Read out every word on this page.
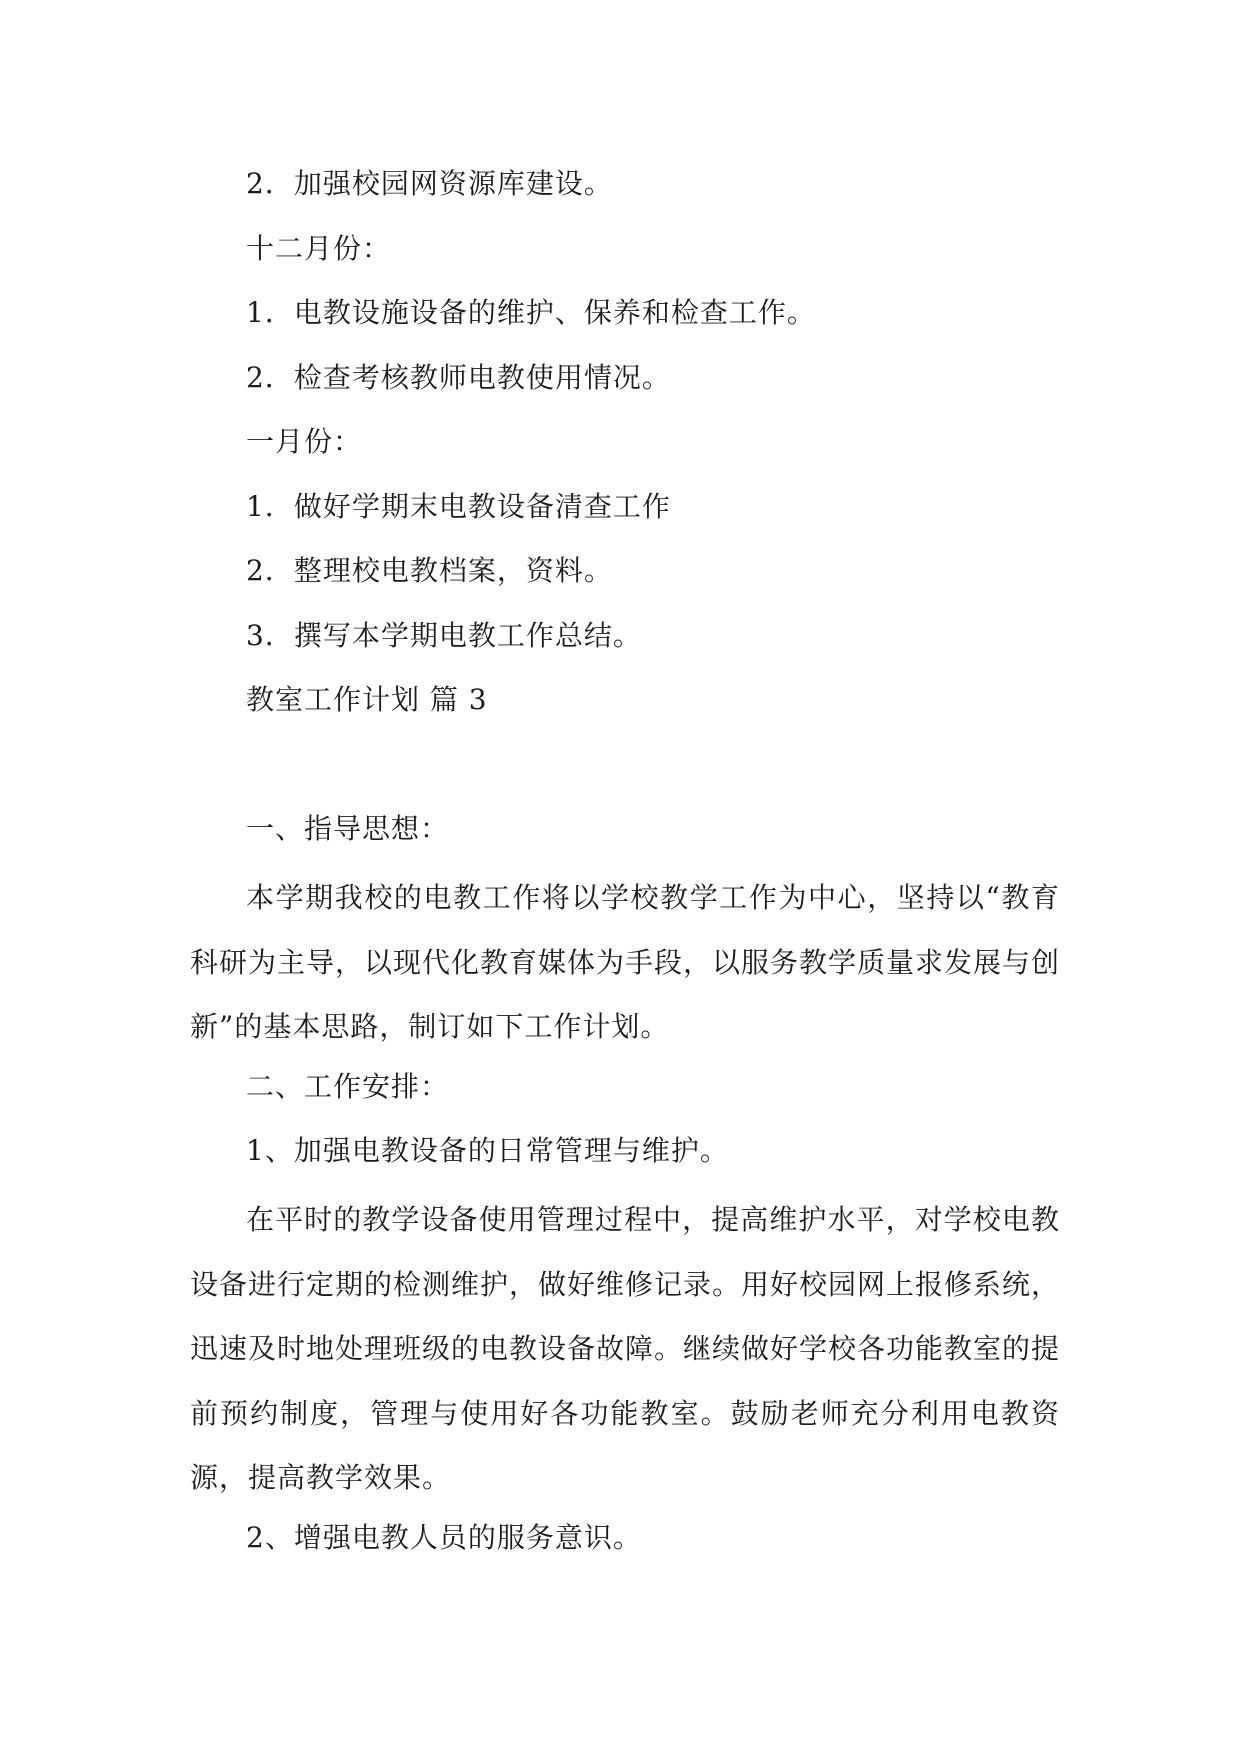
2．加强校园网资源库建设。
十二月份：
1．电教设施设备的维护、保养和检查工作。
2．检查考核教师电教使用情况。
一月份：
1．做好学期末电教设备清查工作
2．整理校电教档案，资料。
3．撰写本学期电教工作总结。
教室工作计划 篇 3
一、指导思想：
本学期我校的电教工作将以学校教学工作为中心，坚持以“教育科研为主导，以现代化教育媒体为手段，以服务教学质量求发展与创新”的基本思路，制订如下工作计划。
二、工作安排：
1、加强电教设备的日常管理与维护。
在平时的教学设备使用管理过程中，提高维护水平，对学校电教设备进行定期的检测维护，做好维修记录。用好校园网上报修系统，迅速及时地处理班级的电教设备故障。继续做好学校各功能教室的提前预约制度，管理与使用好各功能教室。鼓励老师充分利用电教资源，提高教学效果。
2、增强电教人员的服务意识。
